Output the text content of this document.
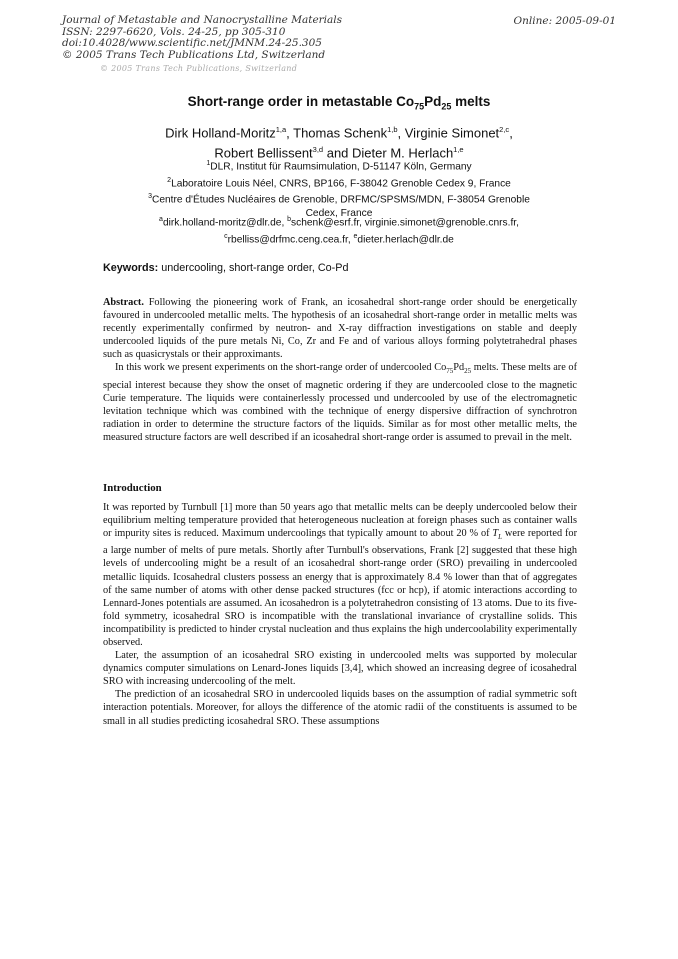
Journal of Metastable and Nanocrystalline Materials
ISSN: 2297-6620, Vols. 24-25, pp 305-310
doi:10.4028/www.scientific.net/JMNM.24-25.305
© 2005 Trans Tech Publications Ltd, Switzerland
Online: 2005-09-01
© 2005 Trans Tech Publications, Switzerland
Short-range order in metastable $Co_{75}Pd_{25}$ melts
Dirk Holland-Moritz$^{1,a}$, Thomas Schenk$^{1,b}$, Virginie Simonet$^{2,c}$,
Robert Bellissent$^{3,d}$ and Dieter M. Herlach$^{1,e}$
$^1$DLR, Institut für Raumsimulation, D-51147 Köln, Germany
$^2$Laboratoire Louis Néel, CNRS, BP166, F-38042 Grenoble Cedex 9, France
$^3$Centre d'Études Nucléaires de Grenoble, DRFMC/SPSMS/MDN, F-38054 Grenoble
Cedex, France
$^a$dirk.holland-moritz@dlr.de, $^b$schenk@esrf.fr, virginie.simonet@grenoble.cnrs.fr,
$^c$rbelliss@drfmc.ceng.cea.fr, $^e$dieter.herlach@dlr.de
Keywords: undercooling, short-range order, Co-Pd

Abstract. Following the pioneering work of Frank, an icosahedral short-range order should be energetically favoured in undercooled metallic melts. The hypothesis of an icosahedral short-range order in metallic melts was recently experimentally confirmed by neutron- and X-ray diffraction investigations on stable and deeply undercooled liquids of the pure metals Ni, Co, Zr and Fe and of various alloys forming polytetrahedral phases such as quasicrystals or their approximants.

In this work we present experiments on the short-range order of undercooled $Co_{75}Pd_{25}$ melts. These melts are of special interest because they show the onset of magnetic ordering if they are undercooled close to the magnetic Curie temperature. The liquids were containerlessly processed und undercooled by use of the electromagnetic levitation technique which was combined with the technique of energy dispersive diffraction of synchrotron radiation in order to determine the structure factors of the liquids. Similar as for most other metallic melts, the measured structure factors are well described if an icosahedral short-range order is assumed to prevail in the melt.

Introduction

It was reported by Turnbull [1] more than 50 years ago that metallic melts can be deeply undercooled below their equilibrium melting temperature provided that heterogeneous nucleation at foreign phases such as container walls or impurity sites is reduced. Maximum undercoolings that typically amount to about 20 % of $T_L$ were reported for a large number of melts of pure metals. Shortly after Turnbull's observations, Frank [2] suggested that these high levels of undercooling might be a result of an icosahedral short-range order (SRO) prevailing in undercooled metallic liquids. Icosahedral clusters possess an energy that is approximately 8.4 % lower than that of aggregates of the same number of atoms with other dense packed structures (fcc or hcp), if atomic interactions according to Lennard-Jones potentials are assumed. An icosahedron is a polytetrahedron consisting of 13 atoms. Due to its five-fold symmetry, icosahedral SRO is incompatible with the translational invariance of crystalline solids. This incompatibility is predicted to hinder crystal nucleation and thus explains the high undercoolability experimentally observed.

Later, the assumption of an icosahedral SRO existing in undercooled melts was supported by molecular dynamics computer simulations on Lenard-Jones liquids [3,4], which showed an increasing degree of icosahedral SRO with increasing undercooling of the melt.

The prediction of an icosahedral SRO in undercooled liquids bases on the assumption of radial symmetric soft interaction potentials. Moreover, for alloys the difference of the atomic radii of the constituents is assumed to be small in all studies predicting icosahedral SRO. These assumptions
